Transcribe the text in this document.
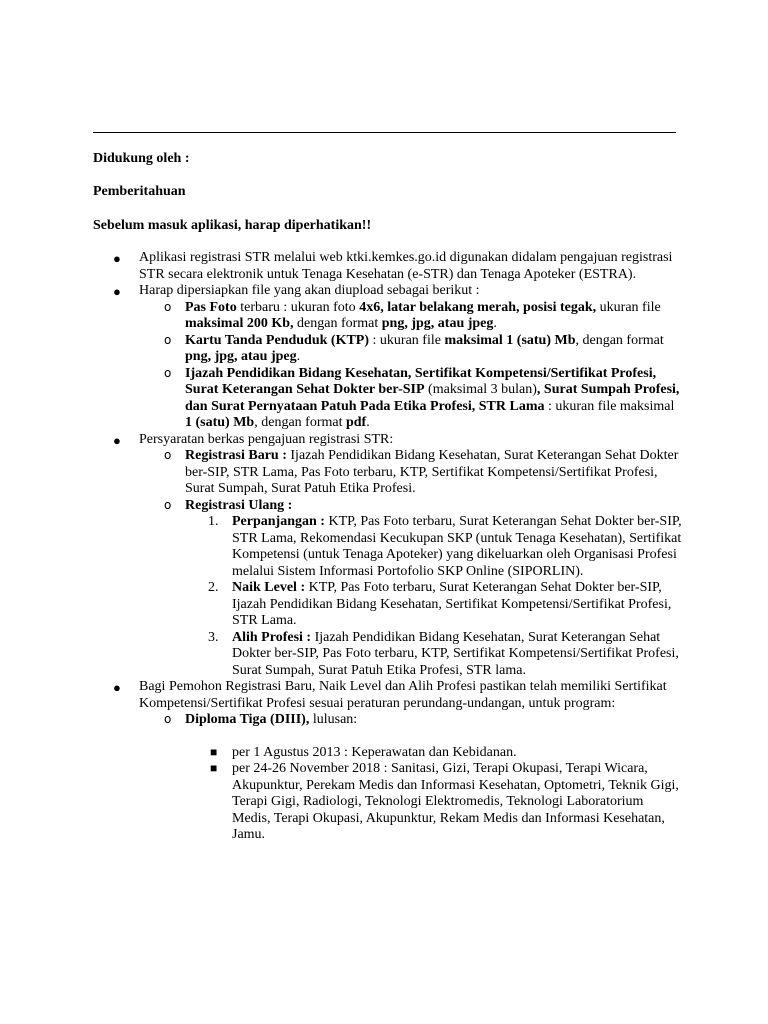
Didukung oleh :
Pemberitahuan
Sebelum masuk aplikasi, harap diperhatikan!!
● Aplikasi registrasi STR melalui web ktki.kemkes.go.id digunakan didalam pengajuan registrasi STR secara elektronik untuk Tenaga Kesehatan (e-STR) dan Tenaga Apoteker (ESTRA).
● Harap dipersiapkan file yang akan diupload sebagai berikut :
o Pas Foto terbaru : ukuran foto 4x6, latar belakang merah, posisi tegak, ukuran file maksimal 200 Kb, dengan format png, jpg, atau jpeg.
o Kartu Tanda Penduduk (KTP) : ukuran file maksimal 1 (satu) Mb, dengan format png, jpg, atau jpeg.
o Ijazah Pendidikan Bidang Kesehatan, Sertifikat Kompetensi/Sertifikat Profesi, Surat Keterangan Sehat Dokter ber-SIP (maksimal 3 bulan), Surat Sumpah Profesi, dan Surat Pernyataan Patuh Pada Etika Profesi, STR Lama : ukuran file maksimal 1 (satu) Mb, dengan format pdf.
● Persyaratan berkas pengajuan registrasi STR:
o Registrasi Baru : Ijazah Pendidikan Bidang Kesehatan, Surat Keterangan Sehat Dokter ber-SIP, STR Lama, Pas Foto terbaru, KTP, Sertifikat Kompetensi/Sertifikat Profesi, Surat Sumpah, Surat Patuh Etika Profesi.
o Registrasi Ulang :
1. Perpanjangan : KTP, Pas Foto terbaru, Surat Keterangan Sehat Dokter ber-SIP, STR Lama, Rekomendasi Kecukupan SKP (untuk Tenaga Kesehatan), Sertifikat Kompetensi (untuk Tenaga Apoteker) yang dikeluarkan oleh Organisasi Profesi melalui Sistem Informasi Portofolio SKP Online (SIPORLIN).
2. Naik Level : KTP, Pas Foto terbaru, Surat Keterangan Sehat Dokter ber-SIP, Ijazah Pendidikan Bidang Kesehatan, Sertifikat Kompetensi/Sertifikat Profesi, STR Lama.
3. Alih Profesi : Ijazah Pendidikan Bidang Kesehatan, Surat Keterangan Sehat Dokter ber-SIP, Pas Foto terbaru, KTP, Sertifikat Kompetensi/Sertifikat Profesi, Surat Sumpah, Surat Patuh Etika Profesi, STR lama.
● Bagi Pemohon Registrasi Baru, Naik Level dan Alih Profesi pastikan telah memiliki Sertifikat Kompetensi/Sertifikat Profesi sesuai peraturan perundang-undangan, untuk program:
o Diploma Tiga (DIII), lulusan:
■ per 1 Agustus 2013 : Keperawatan dan Kebidanan.
■ per 24-26 November 2018 : Sanitasi, Gizi, Terapi Okupasi, Terapi Wicara, Akupunktur, Perekam Medis dan Informasi Kesehatan, Optometri, Teknik Gigi, Terapi Gigi, Radiologi, Teknologi Elektromedis, Teknologi Laboratorium Medis, Terapi Okupasi, Akupunktur, Rekam Medis dan Informasi Kesehatan, Jamu.
